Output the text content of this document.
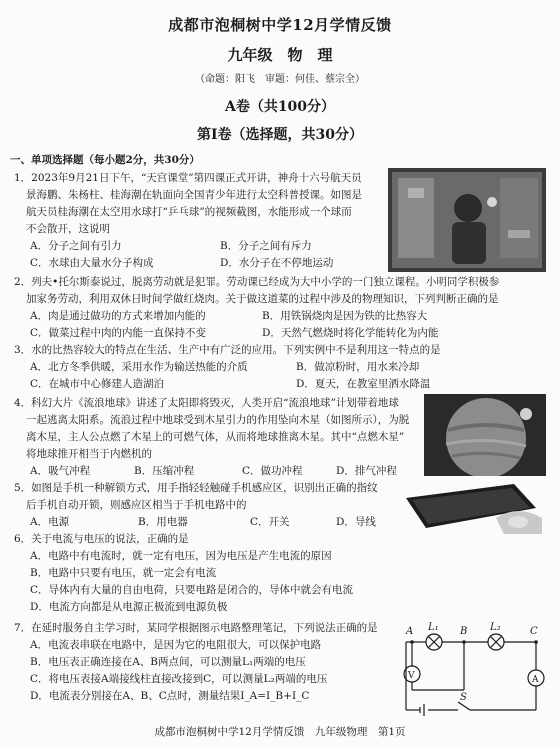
成都市泡桐树中学12月学情反馈
九年级　物　理
（命题：阳飞　审题：何佳、蔡宗全）
A卷（共100分）
第Ⅰ卷（选择题，共30分）
一、单项选择题（每小题2分，共30分）
1．2023年9月21日下午，“天宫课堂”第四课正式开讲，神舟十六号航天员
景海鹏、朱杨柱、桂海潮在轨面向全国青少年进行太空科普授课。如图是
航天员桂海潮在太空用水球打“乒乓球”的视频截图，水能形成一个球而
不会散开，这说明
A．分子之间有引力	B．分子之间有斥力
C．水球由大量水分子构成	D．水分子在不停地运动
2．列夫•托尔斯泰说过，脱离劳动就是犯罪。劳动课已经成为大中小学的一门独立课程。小明同学积极参
加家务劳动，利用双休日时间学做红烧肉。关于做这道菜的过程中涉及的物理知识，下列判断正确的是
A．肉是通过做功的方式来增加内能的	B．用铁锅烧肉是因为铁的比热容大
C．做菜过程中肉的内能一直保持不变	D．天然气燃烧时将化学能转化为内能
3．水的比热容较大的特点在生活、生产中有广泛的应用。下列实例中不是利用这一特点的是
A．北方冬季供暖，采用水作为输送热能的介质	B．做凉粉时，用水来冷却
C．在城市中心修建人造湖泊	D．夏天，在教室里洒水降温
4．科幻大片《流浪地球》讲述了太阳即将毁灭，人类开启“流浪地球”计划带着地球
一起逃离太阳系。流浪过程中地球受到木星引力的作用坠向木星（如图所示），为脱
离木星，主人公点燃了木星上的可燃气体，从而将地球推离木星。其中“点燃木星”
将地球推开相当于内燃机的
A．吸气冲程	B．压缩冲程	C．做功冲程	D．排气冲程
5．如图是手机一种解锁方式，用手指轻轻触碰手机感应区，识别出正确的指纹
后手机自动开锁，则感应区相当于手机电路中的
A．电源	B．用电器	C．开关	D．导线
6．关于电流与电压的说法，正确的是
A．电路中有电流时，就一定有电压，因为电压是产生电流的原因
B．电路中只要有电压，就一定会有电流
C．导体内有大量的自由电荷，只要电路是闭合的，导体中就会有电流
D．电流方向都是从电源正极流到电源负极
7．在延时服务自主学习时，某同学根据图示电路整理笔记，下列说法正确的是
A．电流表串联在电路中，是因为它的电阻很大，可以保护电路
B．电压表正确连接在A、B两点间，可以测量L₁两端的电压
C．将电压表接A端接线柱直接改接到C，可以测量L₂两端的电压
D．电流表分别接在A、B、C点时，测量结果I_A=I_B+I_C
A L₁ B L₂	C
V	A
S
成都市泡桐树中学12月学情反馈　九年级物理　第1页
